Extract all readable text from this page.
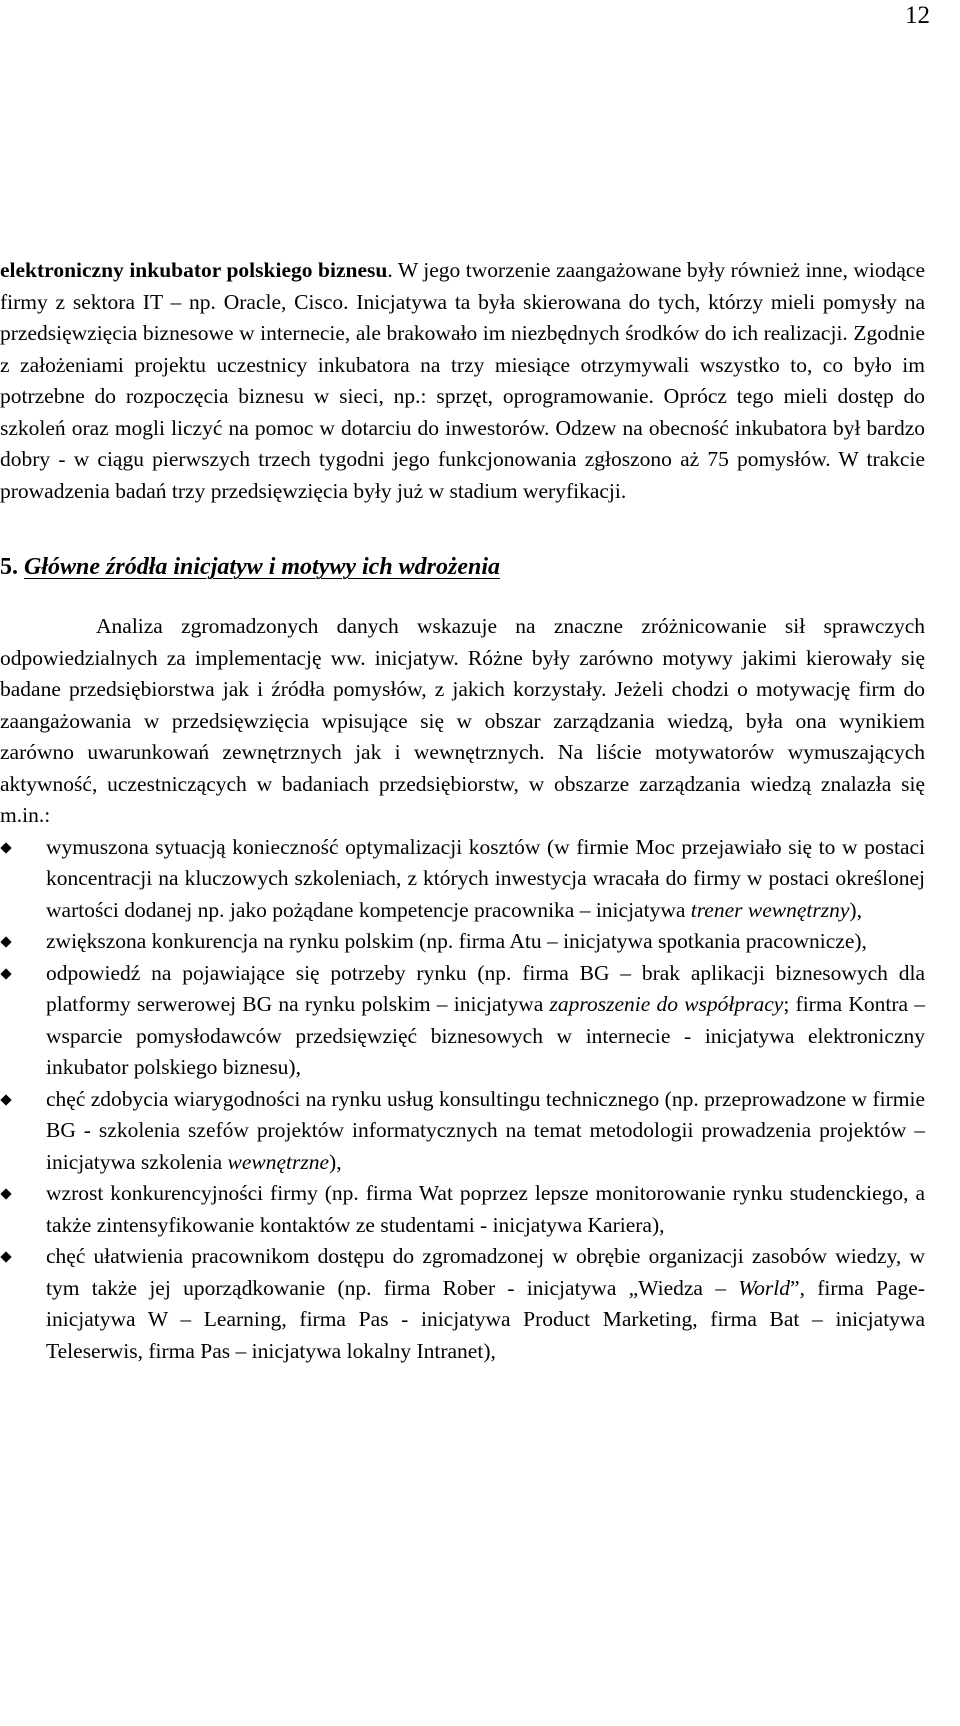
12

elektroniczny inkubator polskiego biznesu. W jego tworzenie zaangażowane były również inne, wiodące firmy z sektora IT – np. Oracle, Cisco. Inicjatywa ta była skierowana do tych, którzy mieli pomysły na przedsięwzięcia biznesowe w internecie, ale brakowało im niezbędnych środków do ich realizacji. Zgodnie z założeniami projektu uczestnicy inkubatora na trzy miesiące otrzymywali wszystko to, co było im potrzebne do rozpoczęcia biznesu w sieci, np.: sprzęt, oprogramowanie. Oprócz tego mieli dostęp do szkoleń oraz mogli liczyć na pomoc w dotarciu do inwestorów. Odzew na obecność inkubatora był bardzo dobry - w ciągu pierwszych trzech tygodni jego funkcjonowania zgłoszono aż 75 pomysłów. W trakcie prowadzenia badań trzy przedsięwzięcia były już w stadium weryfikacji.

5. Główne źródła inicjatyw i motywy ich wdrożenia

Analiza zgromadzonych danych wskazuje na znaczne zróżnicowanie sił sprawczych odpowiedzialnych za implementację ww. inicjatyw. Różne były zarówno motywy jakimi kierowały się badane przedsiębiorstwa jak i źródła pomysłów, z jakich korzystały. Jeżeli chodzi o motywację firm do zaangażowania w przedsięwzięcia wpisujące się w obszar zarządzania wiedzą, była ona wynikiem zarówno uwarunkowań zewnętrznych jak i wewnętrznych. Na liście motywatorów wymuszających aktywność, uczestniczących w badaniach przedsiębiorstw, w obszarze zarządzania wiedzą znalazła się m.in.:

wymuszona sytuacją konieczność optymalizacji kosztów (w firmie Moc przejawiało się to w postaci koncentracji na kluczowych szkoleniach, z których inwestycja wracała do firmy w postaci określonej wartości dodanej np. jako pożądane kompetencje pracownika – inicjatywa trener wewnętrzny),
zwiększona konkurencja na rynku polskim (np. firma Atu – inicjatywa spotkania pracownicze),
odpowiedź na pojawiające się potrzeby rynku (np. firma BG – brak aplikacji biznesowych dla platformy serwerowej BG na rynku polskim – inicjatywa zaproszenie do współpracy; firma Kontra – wsparcie pomysłodawców przedsięwzięć biznesowych w internecie - inicjatywa elektroniczny inkubator polskiego biznesu),
chęć zdobycia wiarygodności na rynku usług konsultingu technicznego (np. przeprowadzone w firmie BG - szkolenia szefów projektów informatycznych na temat metodologii prowadzenia projektów – inicjatywa szkolenia wewnętrzne),
wzrost konkurencyjności firmy (np. firma Wat poprzez lepsze monitorowanie rynku studenckiego, a także zintensyfikowanie kontaktów ze studentami - inicjatywa Kariera),
chęć ułatwienia pracownikom dostępu do zgromadzonej w obrębie organizacji zasobów wiedzy, w tym także jej uporządkowanie (np. firma Rober - inicjatywa „Wiedza – World”, firma Page- inicjatywa W – Learning, firma Pas - inicjatywa Product Marketing, firma Bat – inicjatywa Teleserwis, firma Pas – inicjatywa lokalny Intranet),
